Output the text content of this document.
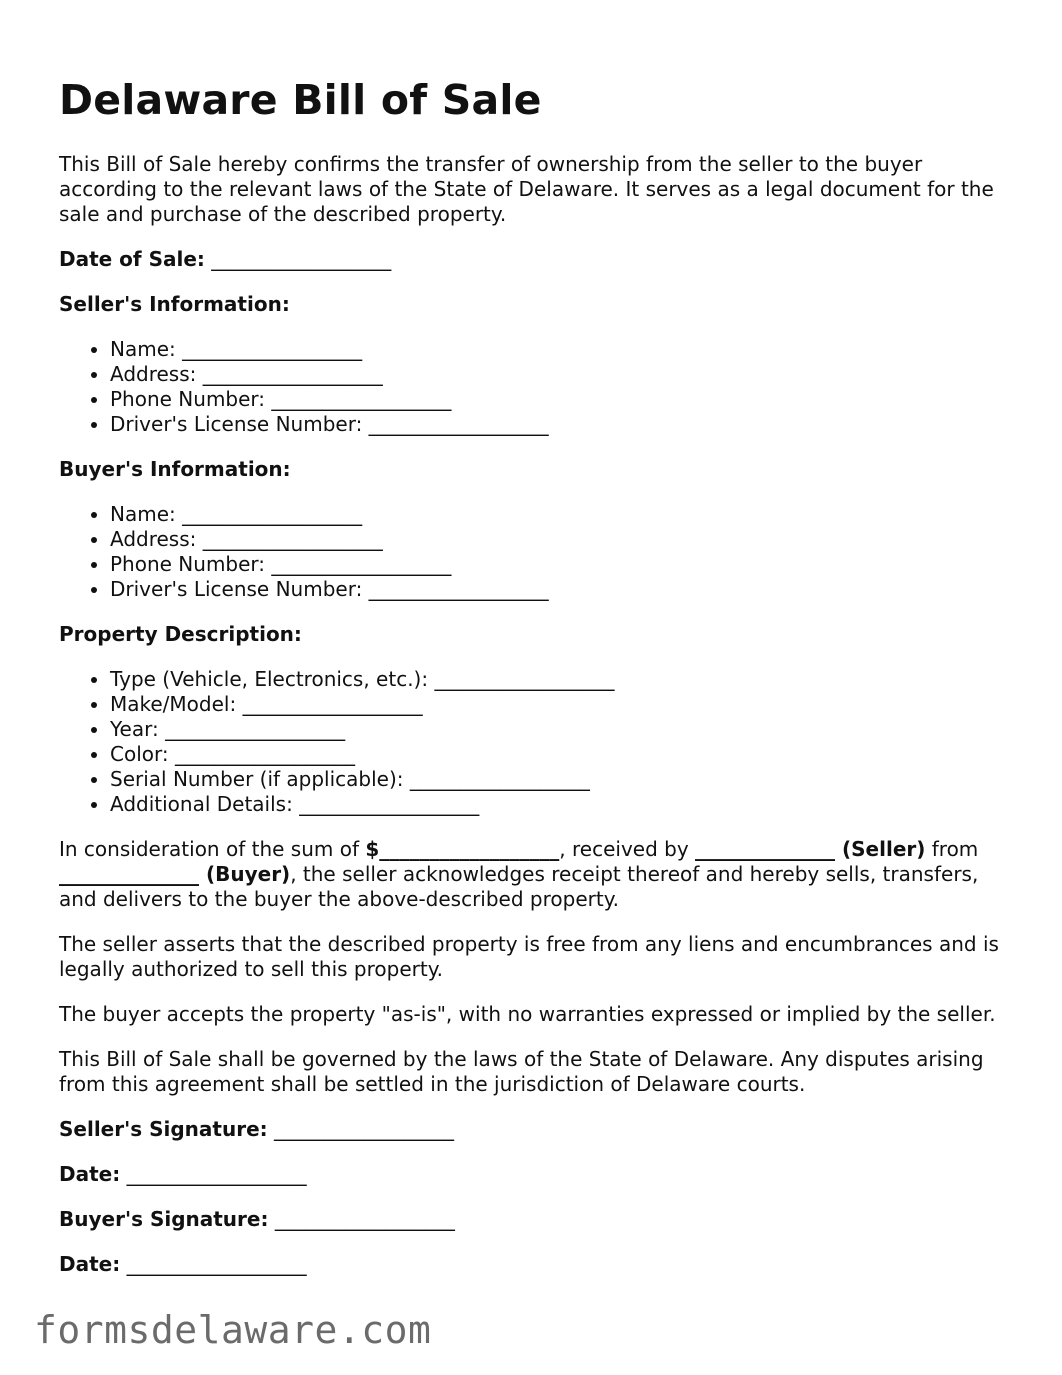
Delaware Bill of Sale

This Bill of Sale hereby confirms the transfer of ownership from the seller to the buyer according to the relevant laws of the State of Delaware. It serves as a legal document for the sale and purchase of the described property.

Date of Sale: __________________
Seller's Information:
• Name: __________________
• Address: __________________
• Phone Number: __________________
• Driver's License Number: __________________
Buyer's Information:
• Name: __________________
• Address: __________________
• Phone Number: __________________
• Driver's License Number: __________________
Property Description:
• Type (Vehicle, Electronics, etc.): __________________
• Make/Model: __________________
• Year: __________________
• Color: __________________
• Serial Number (if applicable): __________________
• Additional Details: __________________

In consideration of the sum of $__________________, received by ______________ (Seller) from ______________ (Buyer), the seller acknowledges receipt thereof and hereby sells, transfers, and delivers to the buyer the above-described property.

The seller asserts that the described property is free from any liens and encumbrances and is legally authorized to sell this property.

The buyer accepts the property "as-is", with no warranties expressed or implied by the seller.

This Bill of Sale shall be governed by the laws of the State of Delaware. Any disputes arising from this agreement shall be settled in the jurisdiction of Delaware courts.

Seller's Signature: __________________
Date: __________________
Buyer's Signature: __________________
Date: __________________
formsdelaware.com
